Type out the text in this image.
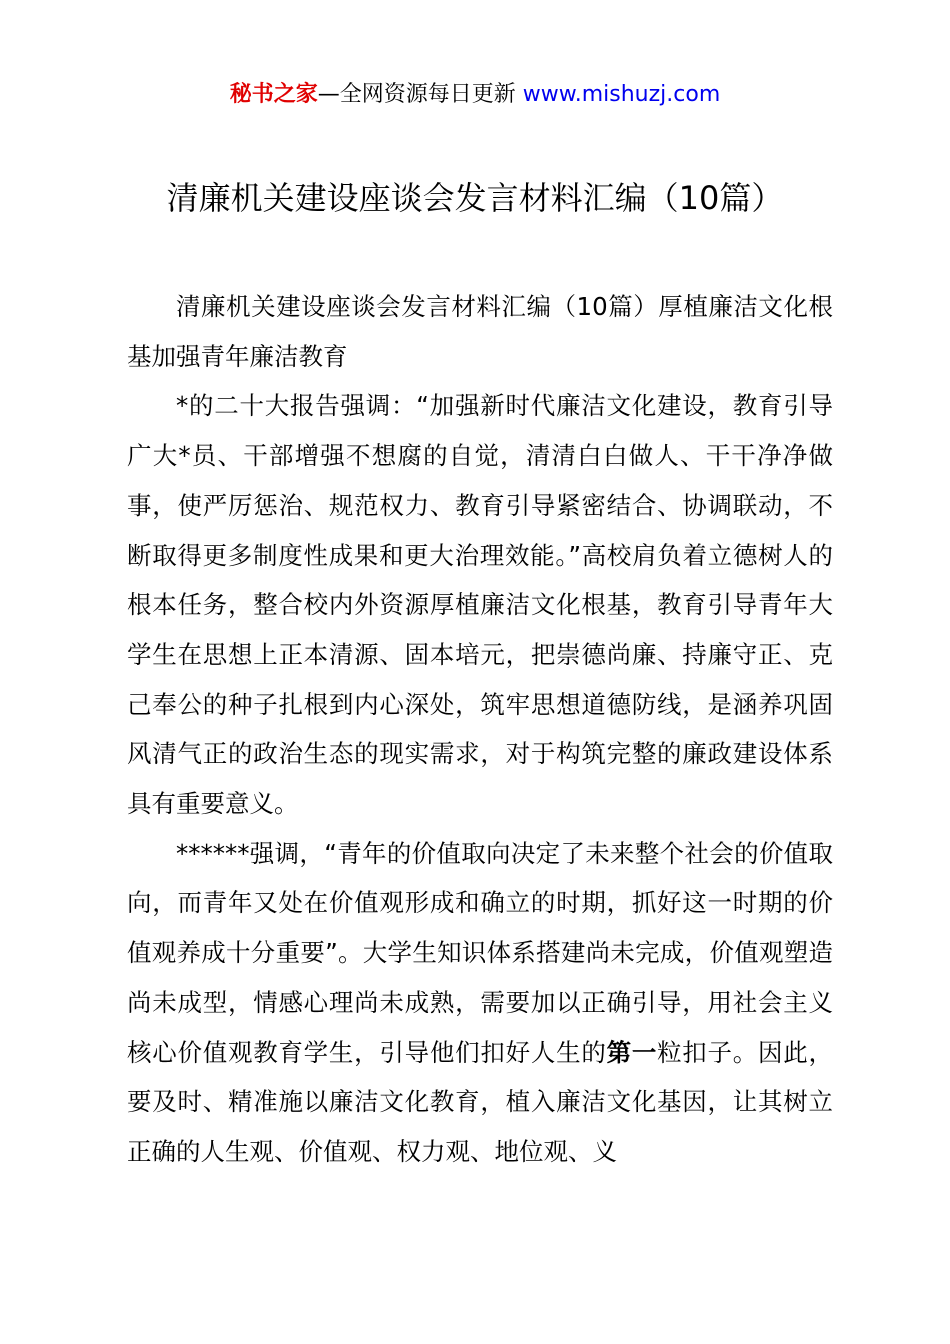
秘书之家—全网资源每日更新 www.mishuzj.com
清廉机关建设座谈会发言材料汇编（10篇）

清廉机关建设座谈会发言材料汇编（10篇）厚植廉洁文化根基加强青年廉洁教育

*的二十大报告强调：“加强新时代廉洁文化建设，教育引导广大*员、干部增强不想腐的自觉，清清白白做人、干干净净做事，使严厉惩治、规范权力、教育引导紧密结合、协调联动，不断取得更多制度性成果和更大治理效能。”高校肩负着立德树人的根本任务，整合校内外资源厚植廉洁文化根基，教育引导青年大学生在思想上正本清源、固本培元，把崇德尚廉、持廉守正、克己奉公的种子扎根到内心深处，筑牢思想道德防线，是涵养巩固风清气正的政治生态的现实需求，对于构筑完整的廉政建设体系具有重要意义。

******强调，“青年的价值取向决定了未来整个社会的价值取向，而青年又处在价值观形成和确立的时期，抓好这一时期的价值观养成十分重要”。大学生知识体系搭建尚未完成，价值观塑造尚未成型，情感心理尚未成熟，需要加以正确引导，用社会主义核心价值观教育学生，引导他们扣好人生的第一粒扣子。因此，要及时、精准施以廉洁文化教育，植入廉洁文化基因，让其树立正确的人生观、价值观、权力观、地位观、义
